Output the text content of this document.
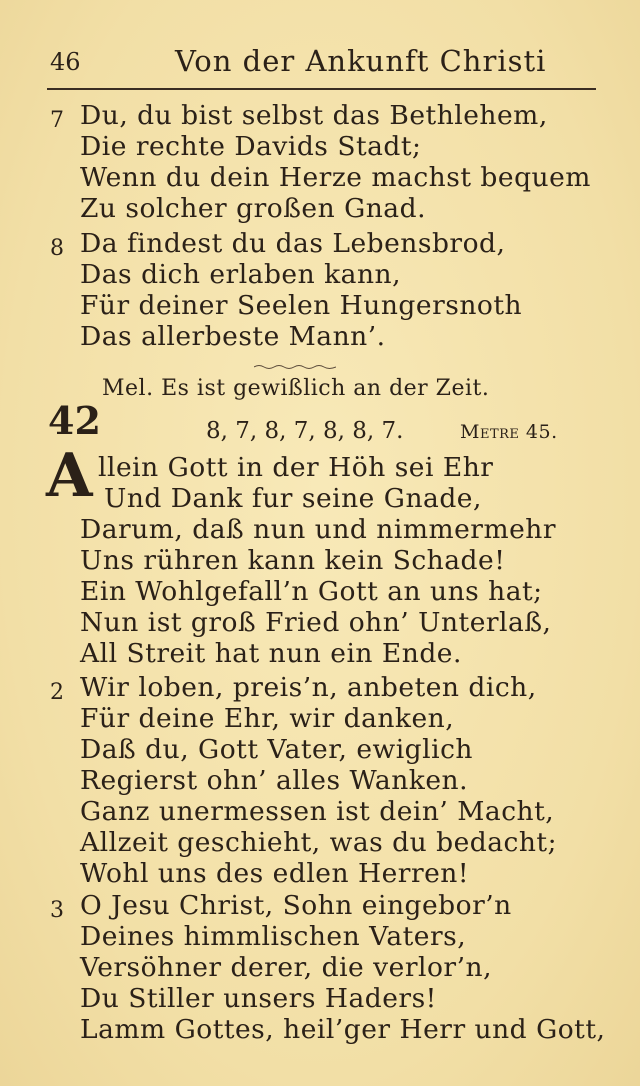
46	Von der Ankunft Christi
7 Du, du bist selbst das Bethlehem,
Die rechte Davids Stadt;
Wenn du dein Herze machst bequem
Zu solcher großen Gnad.
8 Da findest du das Lebensbrod,
Das dich erlaben kann,
Für deiner Seelen Hungersnoth
Das allerbeste Mann’.
Mel. Es ist gewißlich an der Zeit.
42	8, 7, 8, 7, 8, 8, 7.	Metre 45.
A llein Gott in der Höh sei Ehr
Und Dank fur seine Gnade,
Darum, daß nun und nimmermehr
Uns rühren kann kein Schade!
Ein Wohlgefall’n Gott an uns hat;
Nun ist groß Fried ohn’ Unterlaß,
All Streit hat nun ein Ende.
2 Wir loben, preis’n, anbeten dich,
Für deine Ehr, wir danken,
Daß du, Gott Vater, ewiglich
Regierst ohn’ alles Wanken.
Ganz unermessen ist dein’ Macht,
Allzeit geschieht, was du bedacht;
Wohl uns des edlen Herren!
3 O Jesu Christ, Sohn eingebor’n
Deines himmlischen Vaters,
Versöhner derer, die verlor’n,
Du Stiller unsers Haders!
Lamm Gottes, heil’ger Herr und Gott,
